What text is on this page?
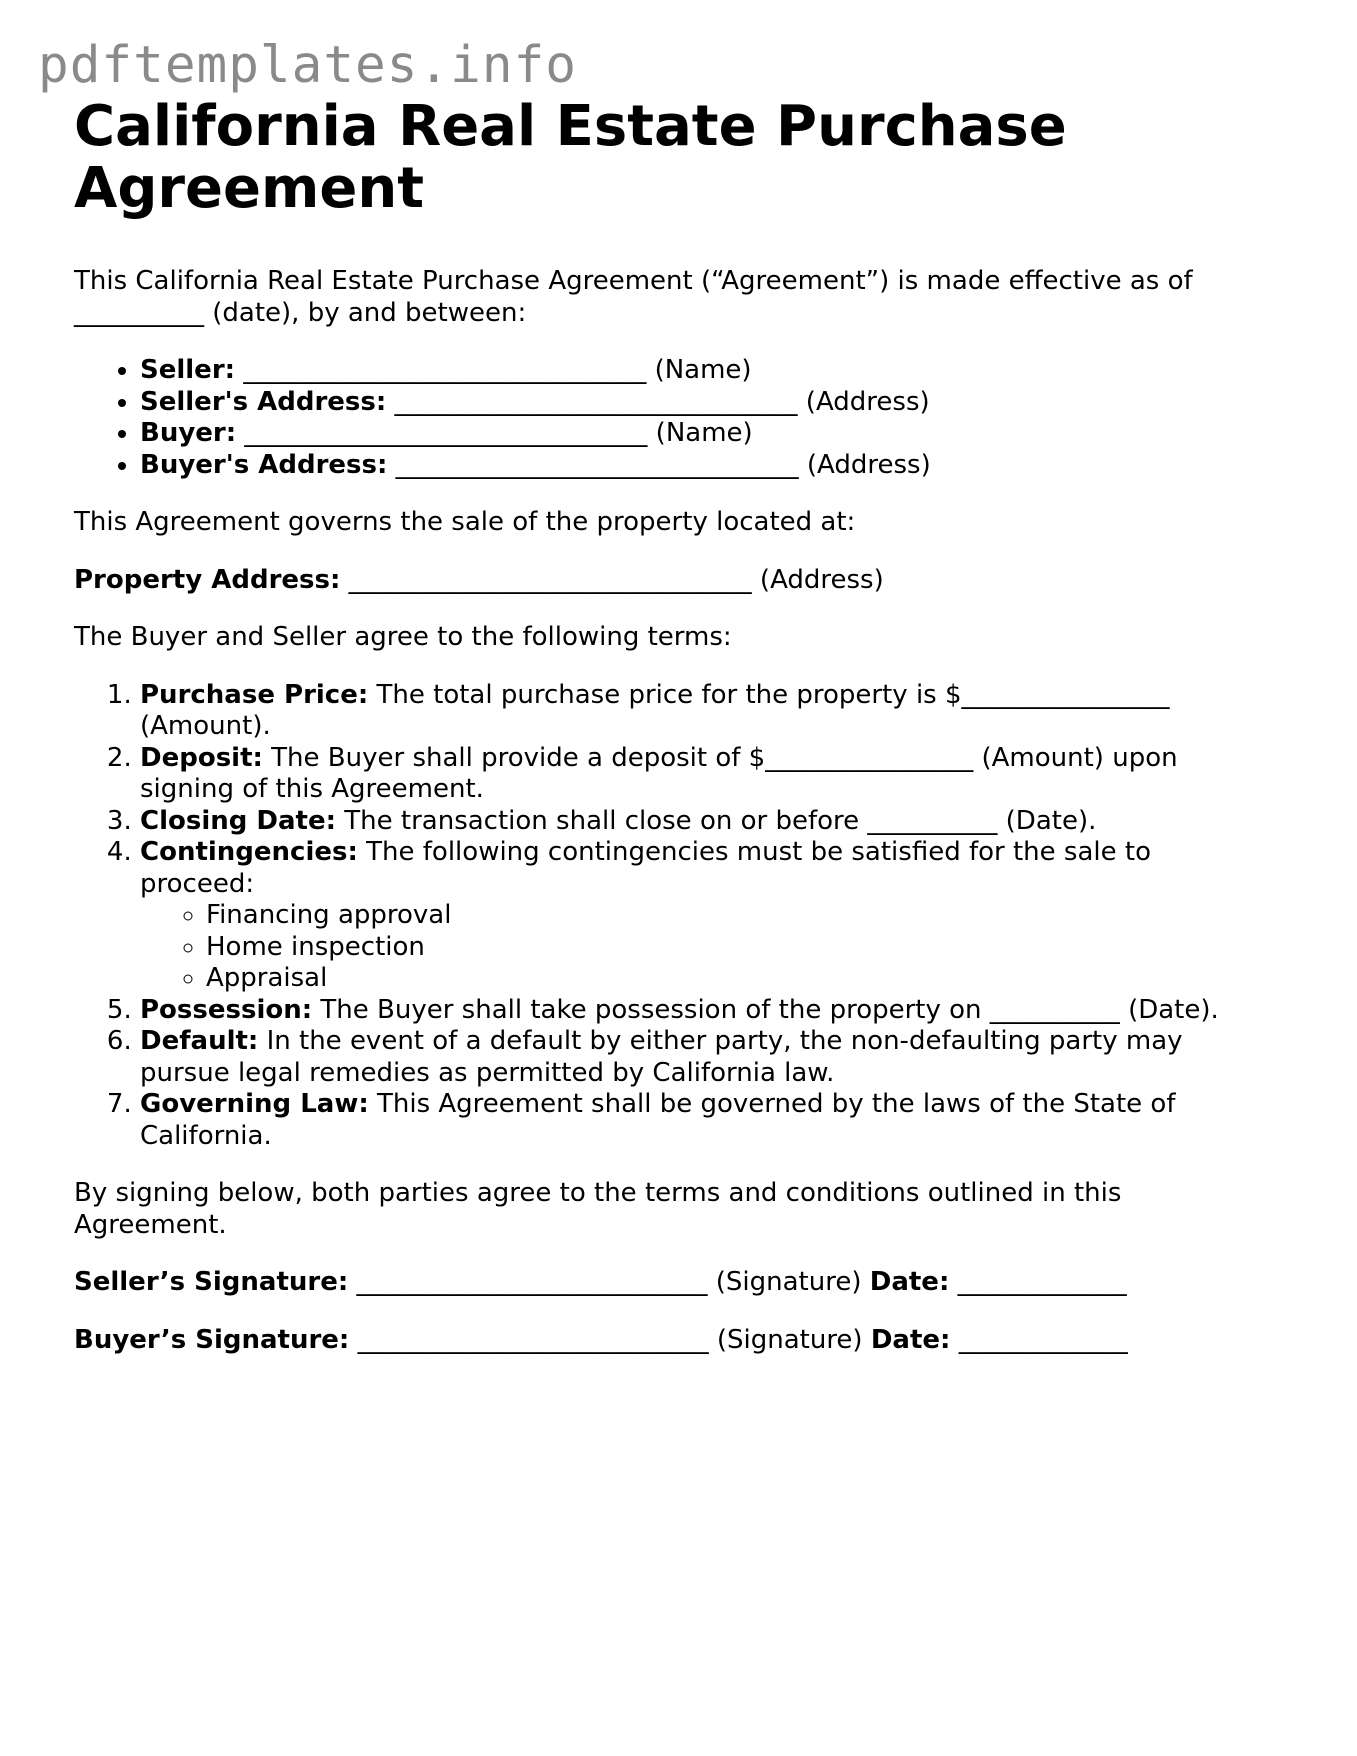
pdftemplates.info
California Real Estate Purchase Agreement

This California Real Estate Purchase Agreement (“Agreement”) is made effective as of
__________ (date), by and between:

• Seller: _______________________________ (Name)
• Seller's Address: _______________________________ (Address)
• Buyer: _______________________________ (Name)
• Buyer's Address: _______________________________ (Address)

This Agreement governs the sale of the property located at:

Property Address: _______________________________ (Address)

The Buyer and Seller agree to the following terms:

1. Purchase Price: The total purchase price for the property is $________________ (Amount).
2. Deposit: The Buyer shall provide a deposit of $________________ (Amount) upon signing of this Agreement.
3. Closing Date: The transaction shall close on or before __________ (Date).
4. Contingencies: The following contingencies must be satisfied for the sale to proceed:
◦ Financing approval
◦ Home inspection
◦ Appraisal
5. Possession: The Buyer shall take possession of the property on __________ (Date).
6. Default: In the event of a default by either party, the non-defaulting party may pursue legal remedies as permitted by California law.
7. Governing Law: This Agreement shall be governed by the laws of the State of California.

By signing below, both parties agree to the terms and conditions outlined in this Agreement.

Seller’s Signature: ___________________________ (Signature) Date: _____________

Buyer’s Signature: ___________________________ (Signature) Date: _____________
